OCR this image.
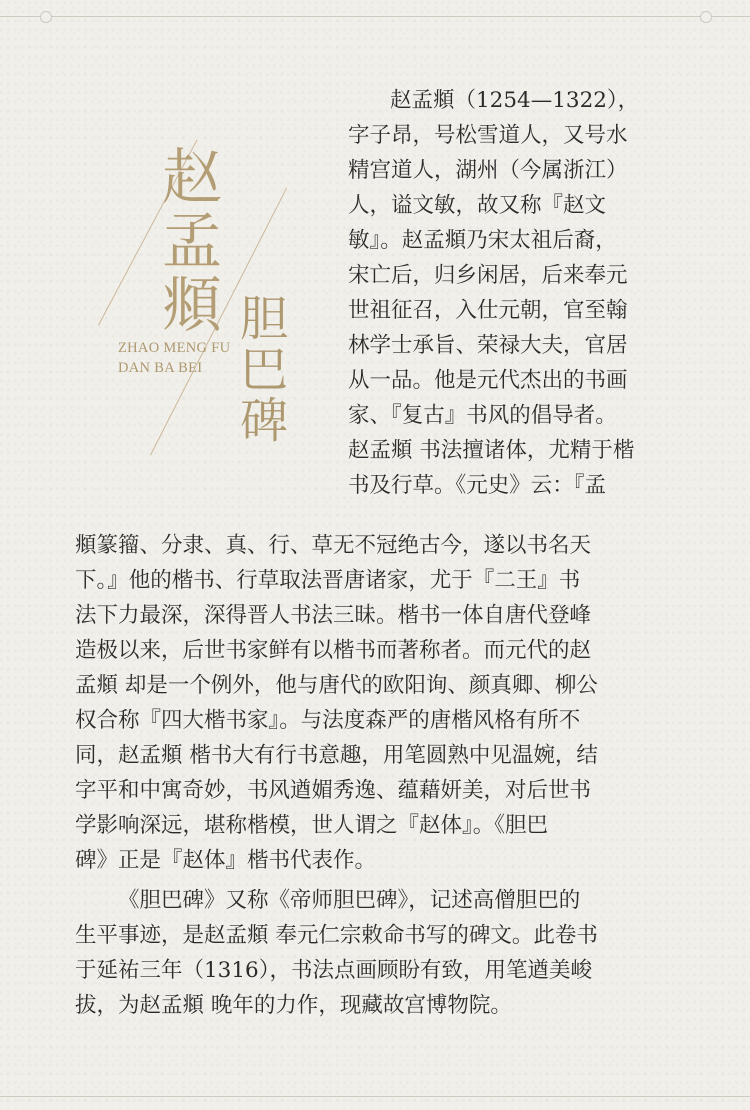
赵
孟
頫 胆
巴
碑
ZHAO MENG FU
DAN BA BEI
赵孟頫（1254—1322），
字子昂，号松雪道人，又号水
精宫道人，湖州（今属浙江）
人，谥文敏，故又称『赵文
敏』。赵孟頫乃宋太祖后裔，
宋亡后，归乡闲居，后来奉元
世祖征召，入仕元朝，官至翰
林学士承旨、荣禄大夫，官居
从一品。他是元代杰出的书画
家、『复古』书风的倡导者。
赵孟頫 书法擅诸体，尤精于楷
书及行草。《元史》云：『孟
頫篆籀、分隶、真、行、草无不冠绝古今，遂以书名天
下。』他的楷书、行草取法晋唐诸家，尤于『二王』书
法下力最深，深得晋人书法三昧。楷书一体自唐代登峰
造极以来，后世书家鲜有以楷书而著称者。而元代的赵
孟頫 却是一个例外，他与唐代的欧阳询、颜真卿、柳公
权合称『四大楷书家』。与法度森严的唐楷风格有所不
同，赵孟頫 楷书大有行书意趣，用笔圆熟中见温婉，结
字平和中寓奇妙，书风遒媚秀逸、蕴藉妍美，对后世书
学影响深远，堪称楷模，世人谓之『赵体』。《胆巴
碑》正是『赵体』楷书代表作。
《胆巴碑》又称《帝师胆巴碑》，记述高僧胆巴的
生平事迹，是赵孟頫 奉元仁宗敕命书写的碑文。此卷书
于延祐三年（1316），书法点画顾盼有致，用笔遒美峻
拔，为赵孟頫 晚年的力作，现藏故宫博物院。
